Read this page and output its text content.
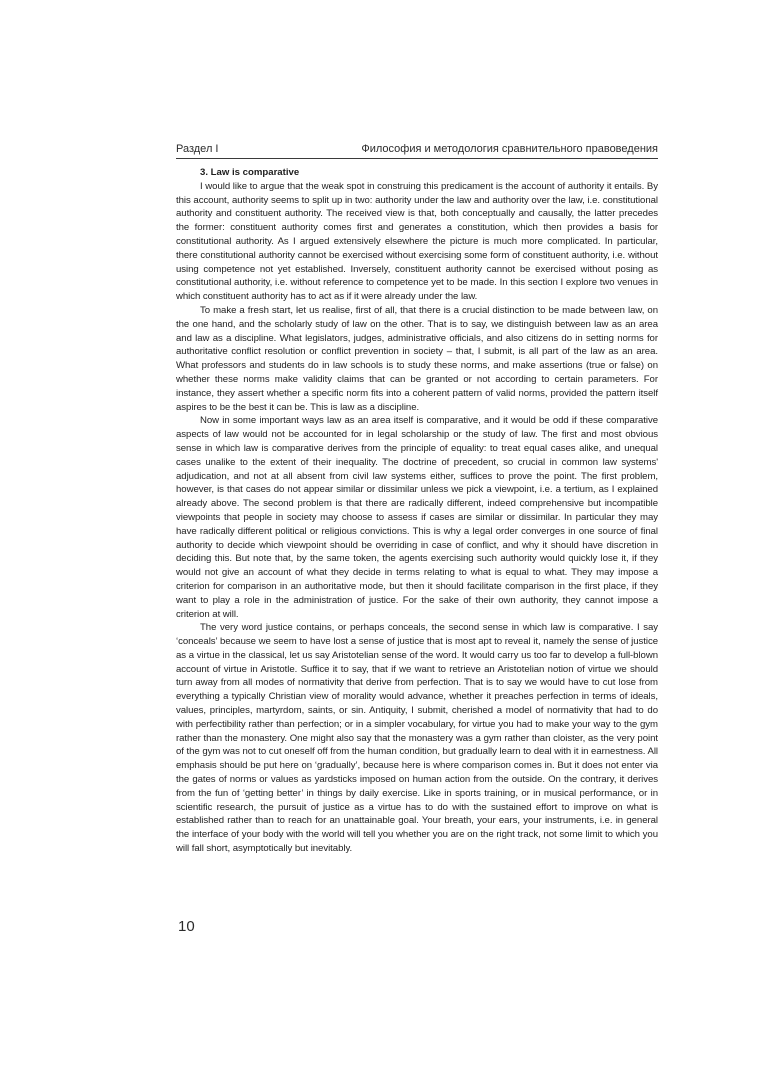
Раздел I	Философия и методология сравнительного правоведения

3. Law is comparative

I would like to argue that the weak spot in construing this predicament is the account of authority it entails. By this account, authority seems to split up in two: authority under the law and authority over the law, i.e. constitutional authority and constituent authority. The received view is that, both conceptually and causally, the latter precedes the former: constituent authority comes first and generates a constitution, which then provides a basis for constitutional authority. As I argued extensively elsewhere the picture is much more complicated. In particular, there constitutional authority cannot be exercised without exercising some form of constituent authority, i.e. without using competence not yet established. Inversely, constituent authority cannot be exercised without posing as constitutional authority, i.e. without reference to competence yet to be made. In this section I explore two venues in which constituent authority has to act as if it were already under the law.

To make a fresh start, let us realise, first of all, that there is a crucial distinction to be made between law, on the one hand, and the scholarly study of law on the other. That is to say, we distinguish between law as an area and law as a discipline. What legislators, judges, administrative officials, and also citizens do in setting norms for authoritative conflict resolution or conflict prevention in society – that, I submit, is all part of the law as an area. What professors and students do in law schools is to study these norms, and make assertions (true or false) on whether these norms make validity claims that can be granted or not according to certain parameters. For instance, they assert whether a specific norm fits into a coherent pattern of valid norms, provided the pattern itself aspires to be the best it can be. This is law as a discipline.

Now in some important ways law as an area itself is comparative, and it would be odd if these comparative aspects of law would not be accounted for in legal scholarship or the study of law. The first and most obvious sense in which law is comparative derives from the principle of equality: to treat equal cases alike, and unequal cases unalike to the extent of their inequality. The doctrine of precedent, so crucial in common law systems' adjudication, and not at all absent from civil law systems either, suffices to prove the point. The first problem, however, is that cases do not appear similar or dissimilar unless we pick a viewpoint, i.e. a tertium, as I explained already above. The second problem is that there are radically different, indeed comprehensive but incompatible viewpoints that people in society may choose to assess if cases are similar or dissimilar. In particular they may have radically different political or religious convictions. This is why a legal order converges in one source of final authority to decide which viewpoint should be overriding in case of conflict, and why it should have discretion in deciding this. But note that, by the same token, the agents exercising such authority would quickly lose it, if they would not give an account of what they decide in terms relating to what is equal to what. They may impose a criterion for comparison in an authoritative mode, but then it should facilitate comparison in the first place, if they want to play a role in the administration of justice. For the sake of their own authority, they cannot impose a criterion at will.

The very word justice contains, or perhaps conceals, the second sense in which law is comparative. I say ‘conceals’ because we seem to have lost a sense of justice that is most apt to reveal it, namely the sense of justice as a virtue in the classical, let us say Aristotelian sense of the word. It would carry us too far to develop a full-blown account of virtue in Aristotle. Suffice it to say, that if we want to retrieve an Aristotelian notion of virtue we should turn away from all modes of normativity that derive from perfection. That is to say we would have to cut lose from everything a typically Christian view of morality would advance, whether it preaches perfection in terms of ideals, values, principles, martyrdom, saints, or sin. Antiquity, I submit, cherished a model of normativity that had to do with perfectibility rather than perfection; or in a simpler vocabulary, for virtue you had to make your way to the gym rather than the monastery. One might also say that the monastery was a gym rather than cloister, as the very point of the gym was not to cut oneself off from the human condition, but gradually learn to deal with it in earnestness. All emphasis should be put here on ‘gradually’, because here is where comparison comes in. But it does not enter via the gates of norms or values as yardsticks imposed on human action from the outside. On the contrary, it derives from the fun of ‘getting better’ in things by daily exercise. Like in sports training, or in musical performance, or in scientific research, the pursuit of justice as a virtue has to do with the sustained effort to improve on what is established rather than to reach for an unattainable goal. Your breath, your ears, your instruments, i.e. in general the interface of your body with the world will tell you whether you are on the right track, not some limit to which you will fall short, asymptotically but inevitably.

10
